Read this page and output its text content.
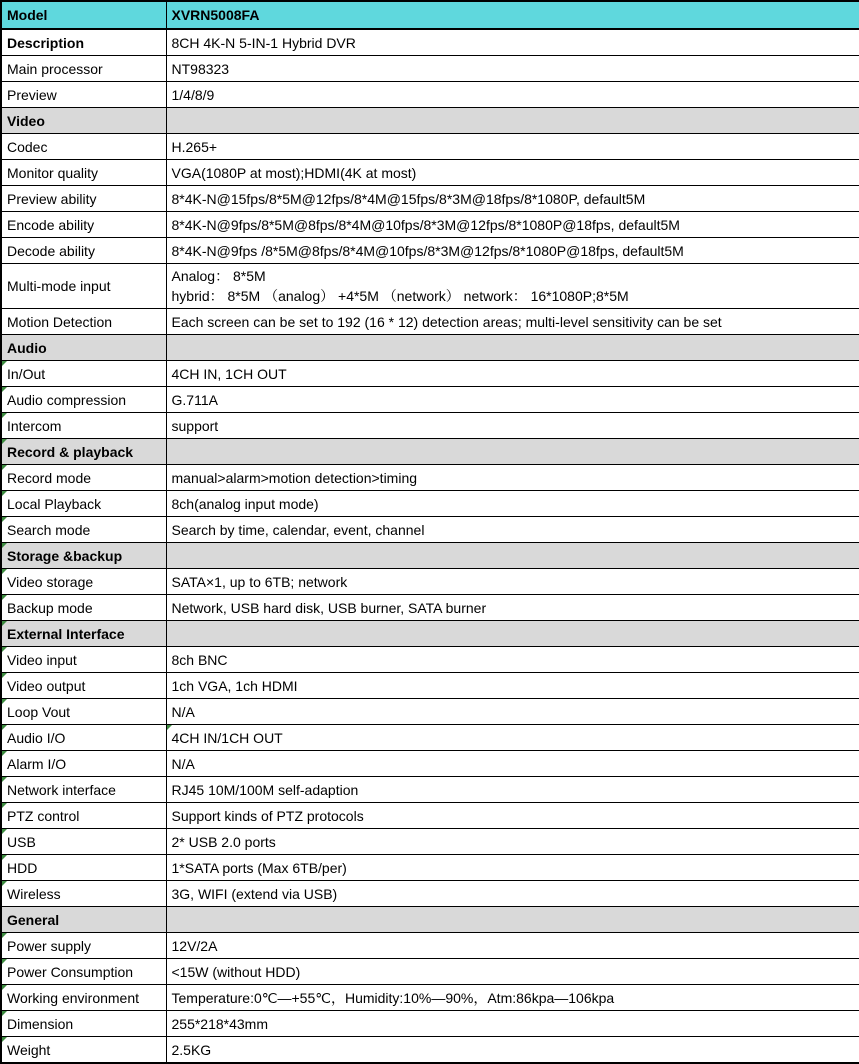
Model	XVRN5008FA
Description	8CH 4K-N 5-IN-1 Hybrid DVR
Main processor	NT98323
Preview	1/4/8/9
Video	
Codec	H.265+
Monitor quality	VGA(1080P at most);HDMI(4K at most)
Preview ability	8*4K-N@15fps/8*5M@12fps/8*4M@15fps/8*3M@18fps/8*1080P, default5M
Encode ability	8*4K-N@9fps/8*5M@8fps/8*4M@10fps/8*3M@12fps/8*1080P@18fps, default5M
Decode ability	8*4K-N@9fps /8*5M@8fps/8*4M@10fps/8*3M@12fps/8*1080P@18fps, default5M
Multi-mode input	Analog： 8*5M
hybrid： 8*5M （analog） +4*5M （network） network： 16*1080P;8*5M

Motion Detection	Each screen can be set to 192 (16 * 12) detection areas; multi-level sensitivity can be set
Audio	
In/Out	4CH IN, 1CH OUT
Audio compression	G.711A
Intercom	support
Record & playback

Record mode	manual>alarm>motion detection>timing
Local Playback	8ch(analog input mode)
Search mode	Search by time, calendar, event, channel
Storage &backup

Video storage	SATA×1, up to 6TB; network
Backup mode	Network, USB hard disk, USB burner, SATA burner
External Interface

Video input	8ch BNC
Video output	1ch VGA, 1ch HDMI
Loop Vout	N/A
Audio I/O	4CH IN/1CH OUT

Alarm I/O	N/A
Network interface	RJ45 10M/100M self-adaption
PTZ control	Support kinds of PTZ protocols
USB	2* USB 2.0 ports
HDD	1*SATA ports (Max 6TB/per)
Wireless	3G, WIFI (extend via USB)
General	
Power supply	12V/2A
Power Consumption	<15W (without HDD)
Working environment	Temperature:0℃—+55℃，Humidity:10%—90%，Atm:86kpa—106kpa
Dimension	255*218*43mm
Weight	2.5KG
